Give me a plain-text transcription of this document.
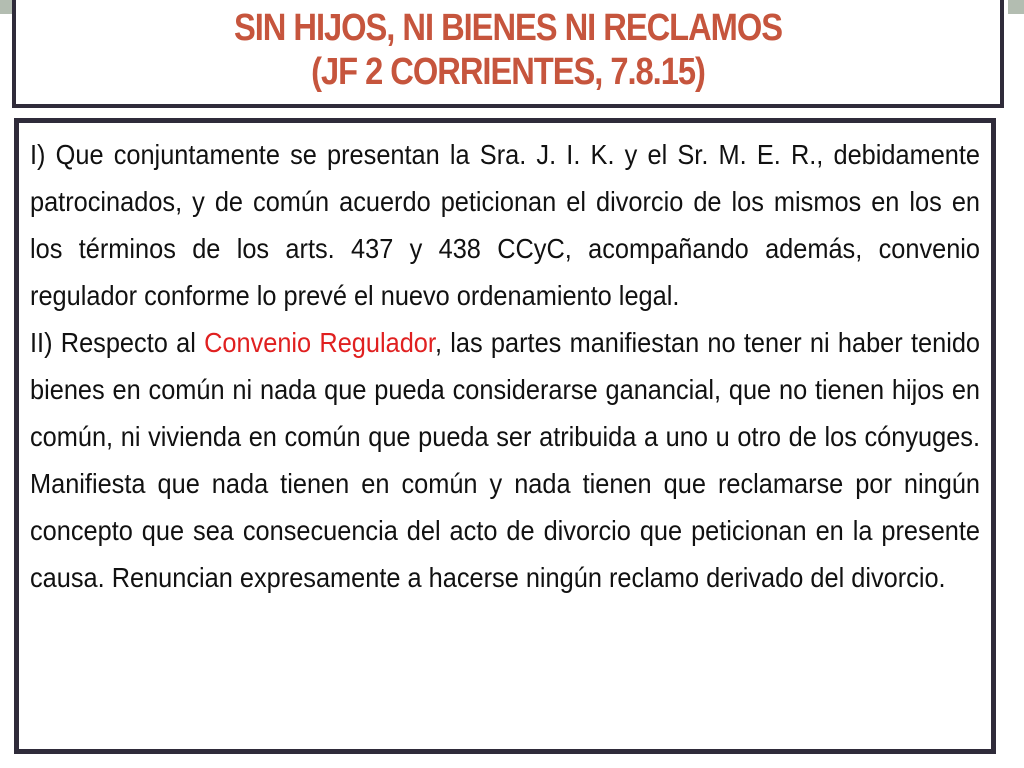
SIN HIJOS, NI BIENES NI RECLAMOS
(JF 2 CORRIENTES, 7.8.15)

I) Que conjuntamente se presentan la Sra. J. I. K. y el Sr. M. E. R., debidamente patrocinados, y de común acuerdo peticionan el divorcio de los mismos en los en los términos de los arts. 437 y 438 CCyC, acompañando además, convenio regulador conforme lo prevé el nuevo ordenamiento legal.

II) Respecto al Convenio Regulador, las partes manifiestan no tener ni haber tenido bienes en común ni nada que pueda considerarse ganancial, que no tienen hijos en común, ni vivienda en común que pueda ser atribuida a uno u otro de los cónyuges. Manifiesta que nada tienen en común y nada tienen que reclamarse por ningún concepto que sea consecuencia del acto de divorcio que peticionan en la presente causa. Renuncian expresamente a hacerse ningún reclamo derivado del divorcio.
